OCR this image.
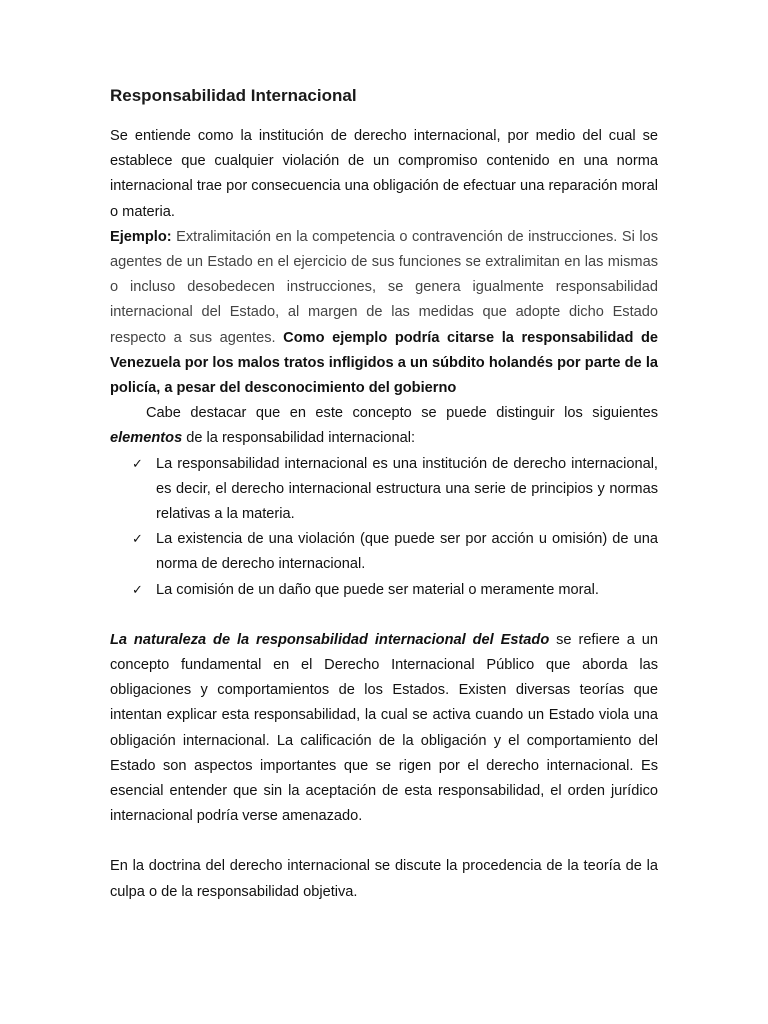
Responsabilidad Internacional

Se entiende como la institución de derecho internacional, por medio del cual se establece que cualquier violación de un compromiso contenido en una norma internacional trae por consecuencia una obligación de efectuar una reparación moral o materia.

Ejemplo: Extralimitación en la competencia o contravención de instrucciones. Si los agentes de un Estado en el ejercicio de sus funciones se extralimitan en las mismas o incluso desobedecen instrucciones, se genera igualmente responsabilidad internacional del Estado, al margen de las medidas que adopte dicho Estado respecto a sus agentes. Como ejemplo podría citarse la responsabilidad de Venezuela por los malos tratos infligidos a un súbdito holandés por parte de la policía, a pesar del desconocimiento del gobierno

Cabe destacar que en este concepto se puede distinguir los siguientes elementos de la responsabilidad internacional:

✓ La responsabilidad internacional es una institución de derecho internacional, es decir, el derecho internacional estructura una serie de principios y normas relativas a la materia.
✓ La existencia de una violación (que puede ser por acción u omisión) de una norma de derecho internacional.
✓ La comisión de un daño que puede ser material o meramente moral.

La naturaleza de la responsabilidad internacional del Estado se refiere a un concepto fundamental en el Derecho Internacional Público que aborda las obligaciones y comportamientos de los Estados. Existen diversas teorías que intentan explicar esta responsabilidad, la cual se activa cuando un Estado viola una obligación internacional. La calificación de la obligación y el comportamiento del Estado son aspectos importantes que se rigen por el derecho internacional. Es esencial entender que sin la aceptación de esta responsabilidad, el orden jurídico internacional podría verse amenazado.

En la doctrina del derecho internacional se discute la procedencia de la teoría de la culpa o de la responsabilidad objetiva.
